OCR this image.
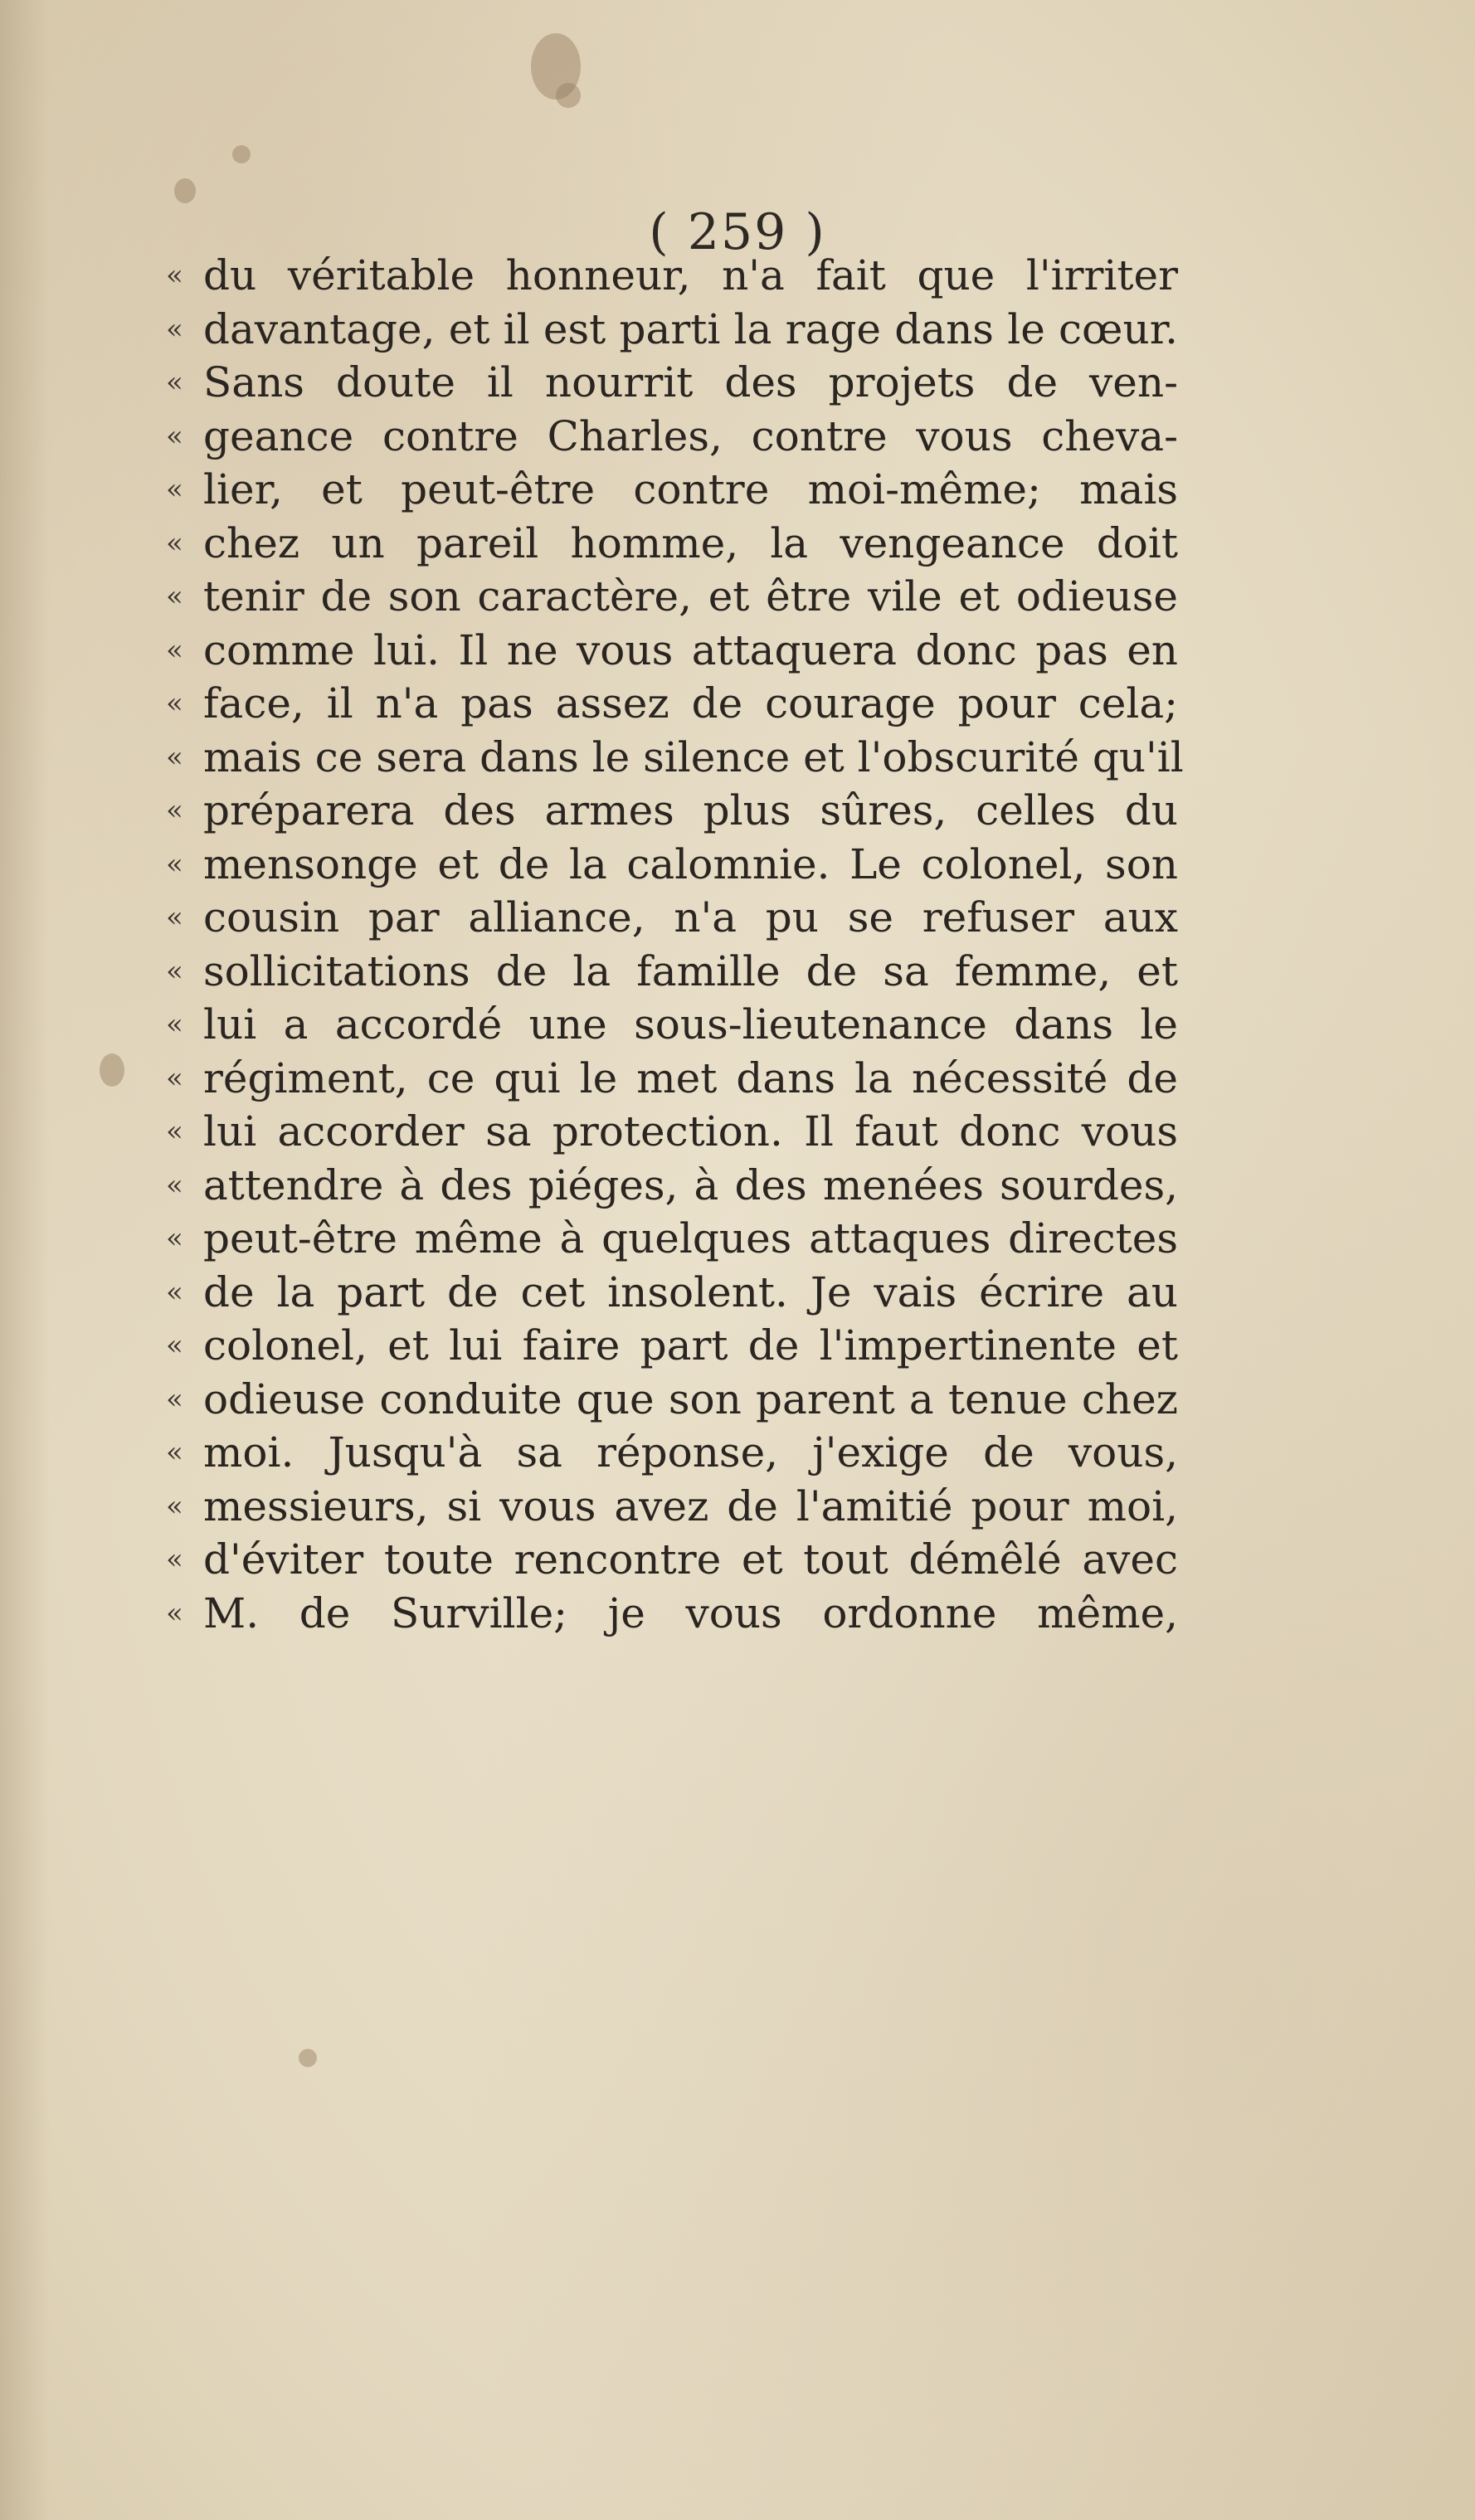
( 259 )
« du véritable honneur, n'a fait que l'irriter
« davantage, et il est parti la rage dans le cœur.
« Sans doute il nourrit des projets de ven-
« geance contre Charles, contre vous cheva-
« lier, et peut-être contre moi-même; mais
« chez un pareil homme, la vengeance doit
« tenir de son caractère, et être vile et odieuse
« comme lui. Il ne vous attaquera donc pas en
« face, il n'a pas assez de courage pour cela;
« mais ce sera dans le silence et l'obscurité qu'il
« préparera des armes plus sûres, celles du
« mensonge et de la calomnie. Le colonel, son
« cousin par alliance, n'a pu se refuser aux
« sollicitations de la famille de sa femme, et
« lui a accordé une sous-lieutenance dans le
« régiment, ce qui le met dans la nécessité de
« lui accorder sa protection. Il faut donc vous
« attendre à des piéges, à des menées sourdes,
« peut-être même à quelques attaques directes
« de la part de cet insolent. Je vais écrire au
« colonel, et lui faire part de l'impertinente et
« odieuse conduite que son parent a tenue chez
« moi. Jusqu'à sa réponse, j'exige de vous,
« messieurs, si vous avez de l'amitié pour moi,
« d'éviter toute rencontre et tout démêlé avec
« M. de Surville; je vous ordonne même,
